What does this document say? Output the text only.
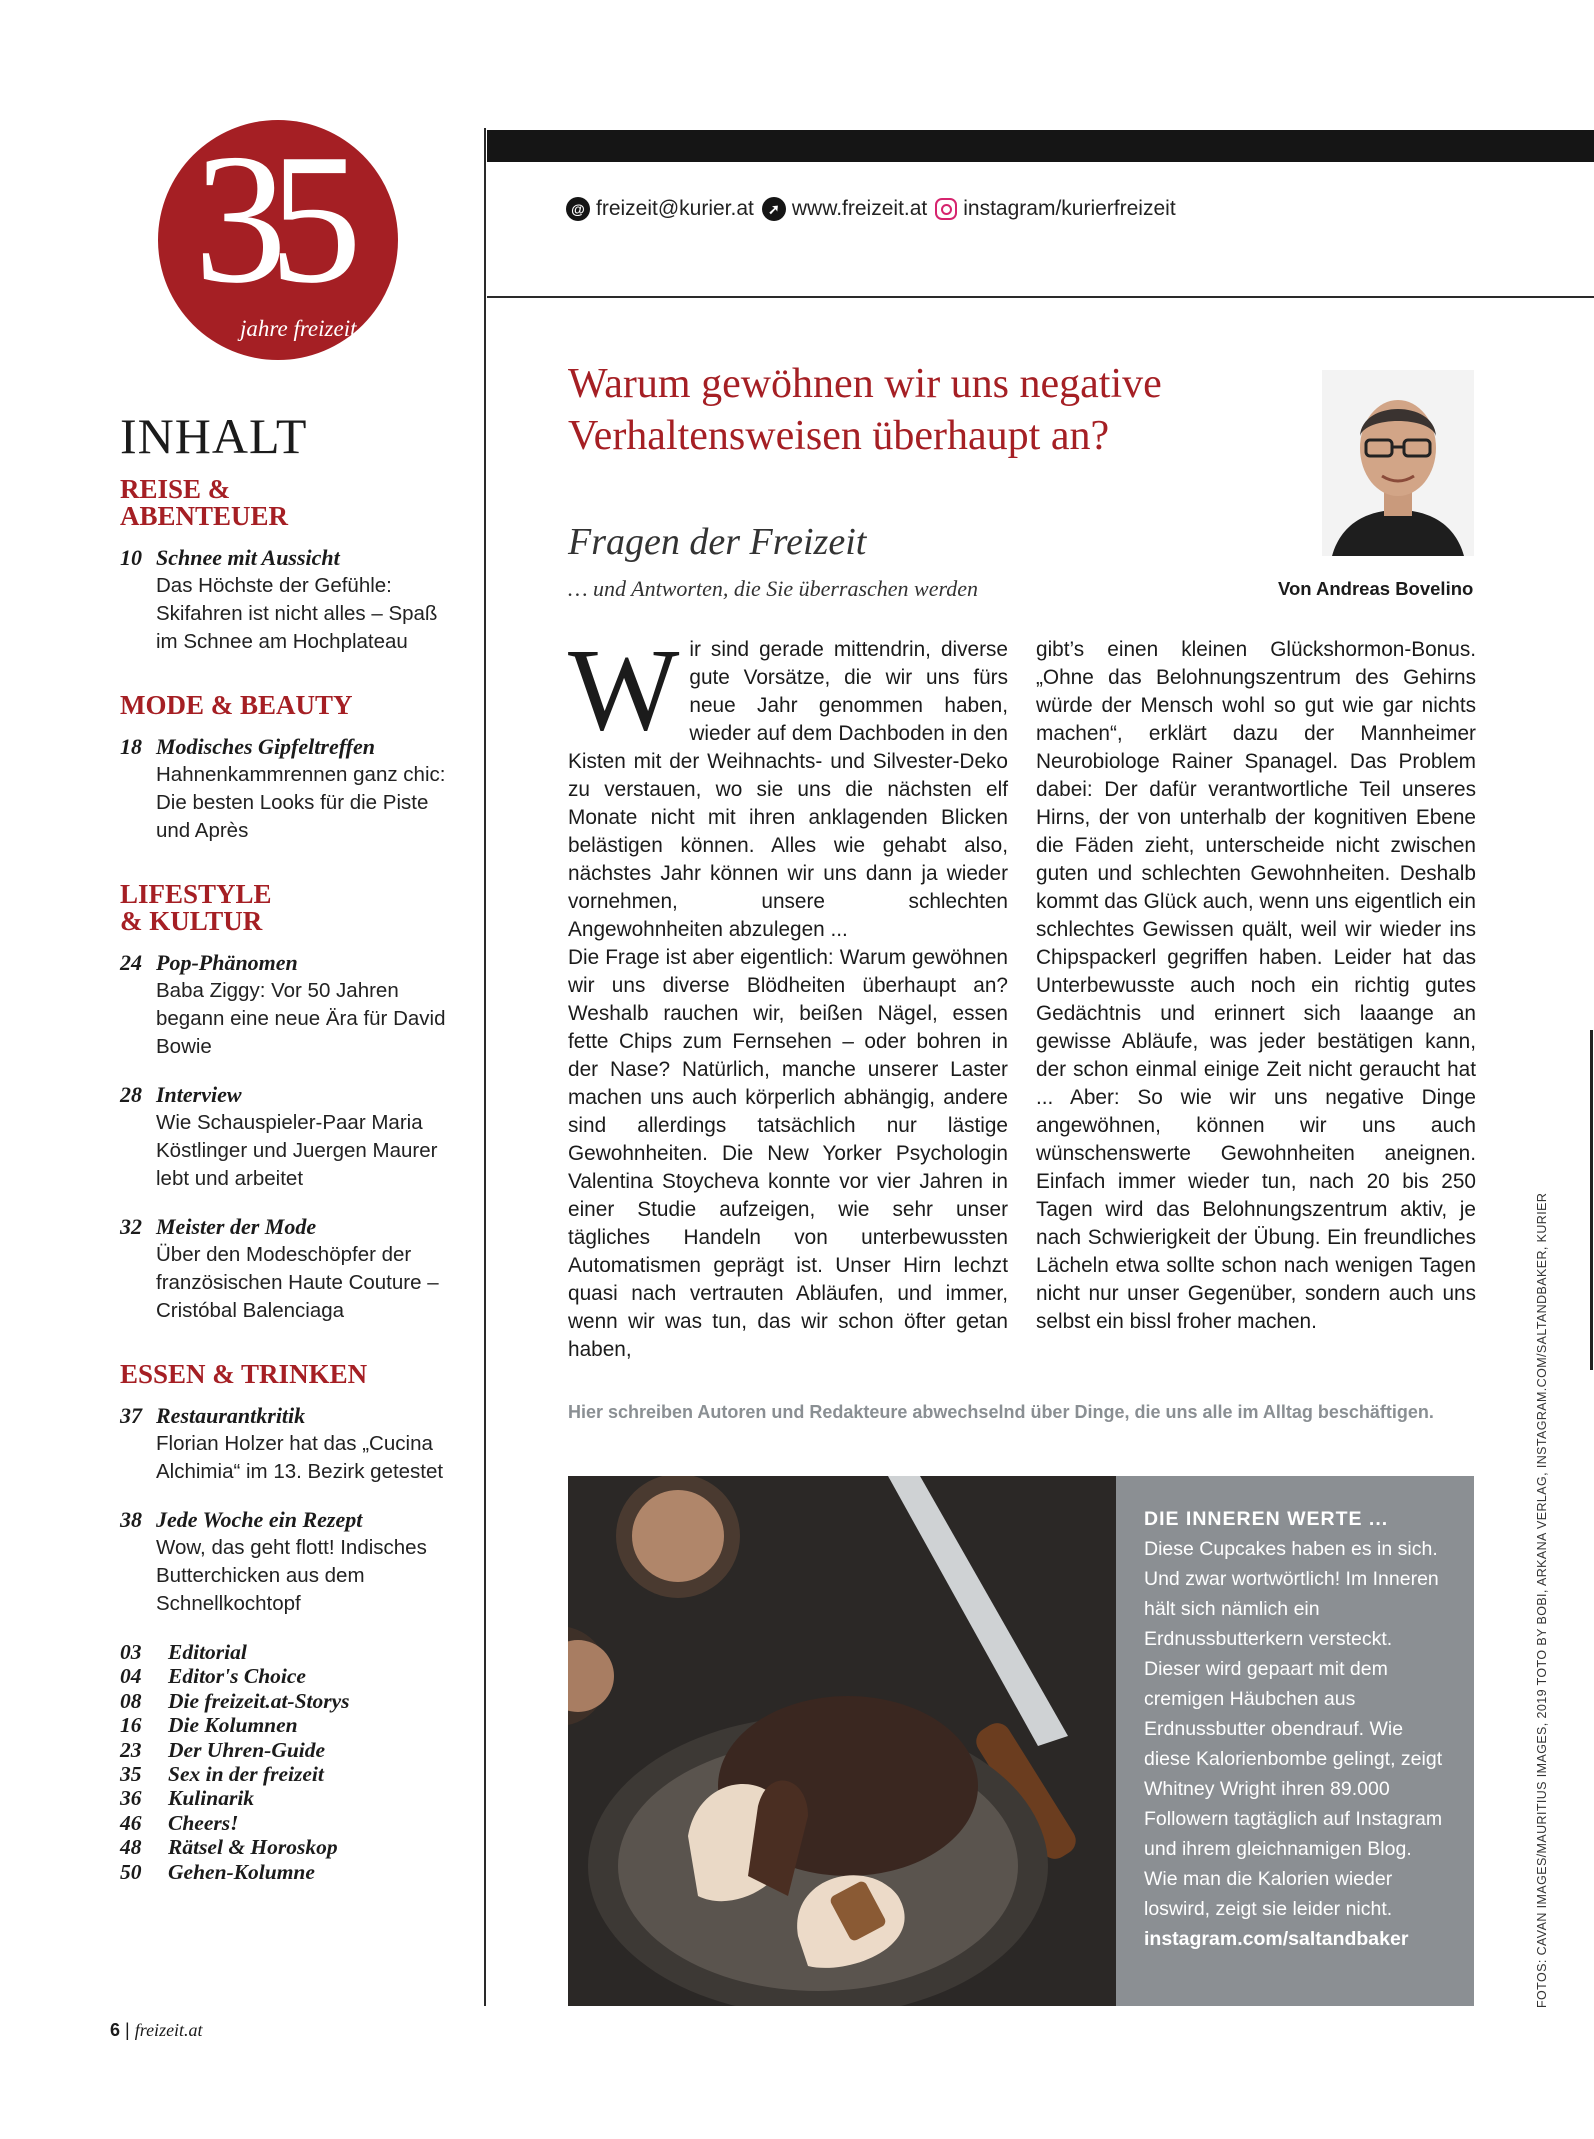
35
jahre freizeit
INHALT
REISE & ABENTEUER
10 Schnee mit Aussicht
Das Höchste der Gefühle: Skifahren ist nicht alles – Spaß im Schnee am Hochplateau
MODE & BEAUTY
18 Modisches Gipfeltreffen
Hahnenkammrennen ganz chic: Die besten Looks für die Piste und Après
LIFESTYLE & KULTUR
24 Pop-Phänomen
Baba Ziggy: Vor 50 Jahren begann eine neue Ära für David Bowie
28 Interview
Wie Schauspieler-Paar Maria Köstlinger und Juergen Maurer lebt und arbeitet
32 Meister der Mode
Über den Modeschöpfer der französischen Haute Couture – Cristóbal Balenciaga
ESSEN & TRINKEN
37 Restaurantkritik
Florian Holzer hat das „Cucina Alchimia“ im 13. Bezirk getestet
38 Jede Woche ein Rezept
Wow, das geht flott! Indisches Butterchicken aus dem Schnellkochtopf
03	Editorial
04	Editor's Choice
08	Die freizeit.at-Storys
16	Die Kolumnen
23	Der Uhren-Guide
35	Sex in der freizeit
36	Kulinarik
46	Cheers!
48	Rätsel & Horoskop
50	Gehen-Kolumne
6 | freizeit.at
@ freizeit@kurier.at	➚ www.freizeit.at instagram/kurierfreizeit
Warum gewöhnen wir uns negative Verhaltensweisen überhaupt an?
Fragen der Freizeit
… und Antworten, die Sie überraschen werden	Von Andreas Bovelino
W ir sind gerade mittendrin, diverse gute Vorsätze, die wir uns fürs neue Jahr genommen haben, wieder auf dem Dachboden in den Kisten mit der Weihnachts- und Silvester-Deko zu verstauen, wo sie uns die nächsten elf Monate nicht mit ihren anklagenden Blicken belästigen können. Alles wie gehabt also, nächstes Jahr können wir uns dann ja wieder vornehmen, unsere schlechten Angewohnheiten abzulegen ...

Die Frage ist aber eigentlich: Warum gewöhnen wir uns diverse Blödheiten überhaupt an? Weshalb rauchen wir, beißen Nägel, essen fette Chips zum Fernsehen – oder bohren in der Nase? Natürlich, manche unserer Laster machen uns auch körperlich abhängig, andere sind allerdings tatsächlich nur lästige Gewohnheiten. Die New Yorker Psychologin Valentina Stoycheva konnte vor vier Jahren in einer Studie aufzeigen, wie sehr unser tägliches Handeln von unterbewussten Automatismen geprägt ist. Unser Hirn lechzt quasi nach vertrauten Abläufen, und immer, wenn wir was tun, das wir schon öfter getan haben,

gibt’s einen kleinen Glückshormon-Bonus. „Ohne das Belohnungszentrum des Gehirns würde der Mensch wohl so gut wie gar nichts machen“, erklärt dazu der Mannheimer Neurobiologe Rainer Spanagel. Das Problem dabei: Der dafür verantwortliche Teil unseres Hirns, der von unterhalb der kognitiven Ebene die Fäden zieht, unterscheide nicht zwischen guten und schlechten Gewohnheiten. Deshalb kommt das Glück auch, wenn uns eigentlich ein schlechtes Gewissen quält, weil wir wieder ins Chipspackerl gegriffen haben. Leider hat das Unterbewusste auch noch ein richtig gutes Gedächtnis und erinnert sich laaange an gewisse Abläufe, was jeder bestätigen kann, der schon einmal einige Zeit nicht geraucht hat ... Aber: So wie wir uns negative Dinge angewöhnen, können wir uns auch wünschenswerte Gewohnheiten aneignen. Einfach immer wieder tun, nach 20 bis 250 Tagen wird das Belohnungszentrum aktiv, je nach Schwierigkeit der Übung. Ein freundliches Lächeln etwa sollte schon nach wenigen Tagen nicht nur unser Gegenüber, sondern auch uns selbst ein bissl froher machen.

Hier schreiben Autoren und Redakteure abwechselnd über Dinge, die uns alle im Alltag beschäftigen.
DIE INNEREN WERTE ...
Diese Cupcakes haben es in sich. Und zwar wortwörtlich! Im Inneren hält sich nämlich ein Erdnussbutterkern versteckt. Dieser wird gepaart mit dem cremigen Häubchen aus Erdnussbutter obendrauf. Wie diese Kalorienbombe gelingt, zeigt Whitney Wright ihren 89.000 Followern tagtäglich auf Instagram und ihrem gleichnamigen Blog. Wie man die Kalorien wieder loswird, zeigt sie leider nicht.
instagram.com/saltandbaker	FOTOS: CAVAN IMAGES/MAURITIUS IMAGES, 2019 TOTO BY BOBI, ARKANA VERLAG, INSTAGRAM.COM/SALTANDBAKER, KURIER
